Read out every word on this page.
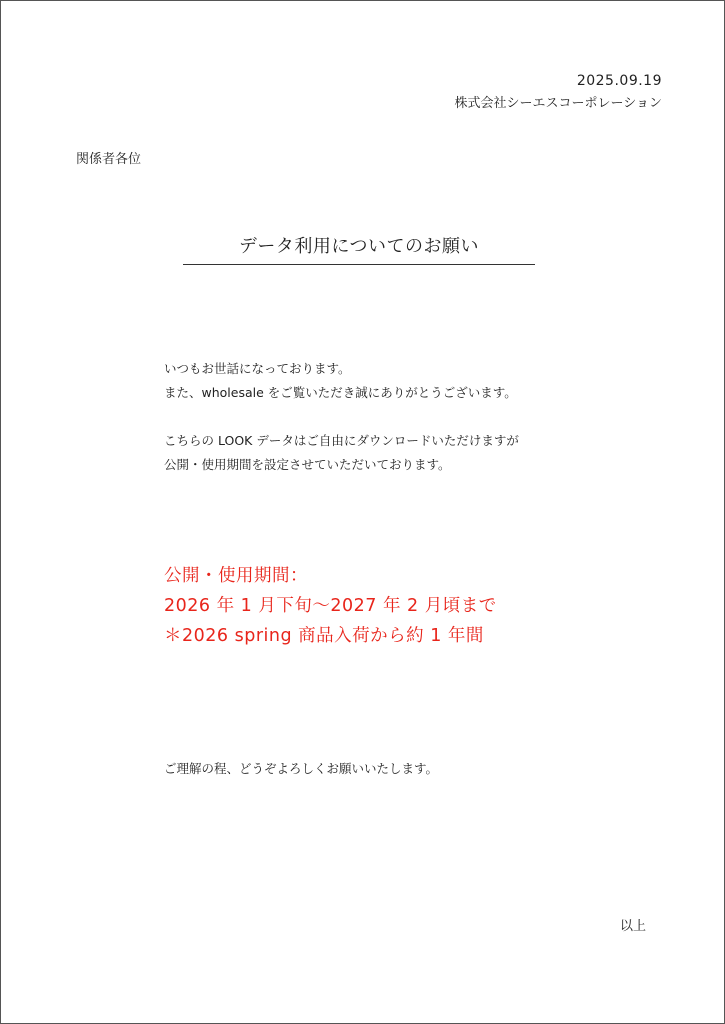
2025.09.19
株式会社シーエスコーポレーション
関係者各位
データ利用についてのお願い
いつもお世話になっております。
また、wholesale をご覧いただき誠にありがとうございます。
こちらの LOOK データはご自由にダウンロードいただけますが
公開・使用期間を設定させていただいております。
公開・使用期間：
2026 年 1 月下旬〜2027 年 2 月頃まで
＊2026 spring 商品入荷から約 1 年間
ご理解の程、どうぞよろしくお願いいたします。
以上
